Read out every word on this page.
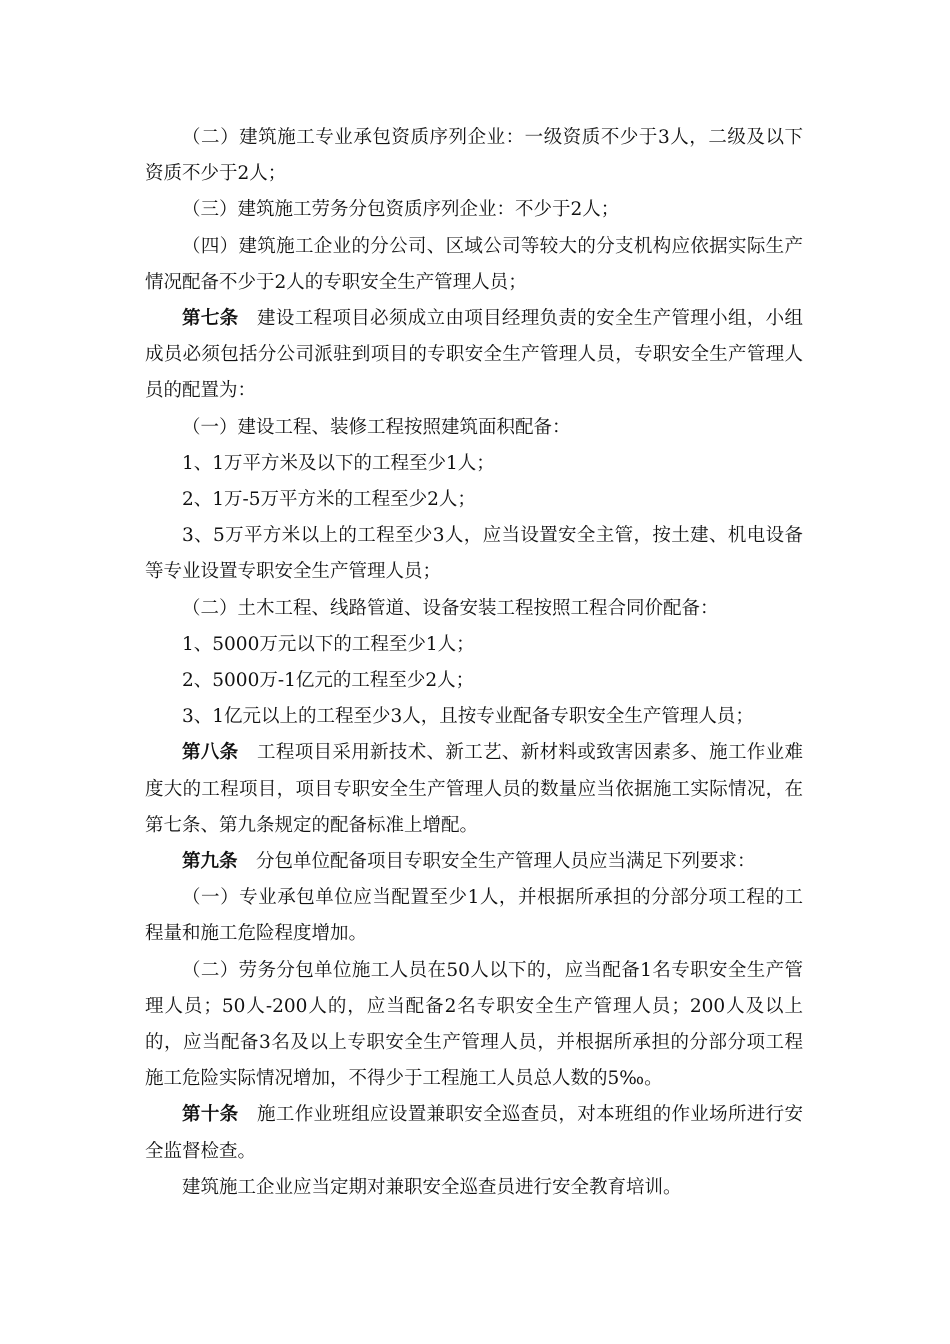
（二）建筑施工专业承包资质序列企业：一级资质不少于3人，二级及以下资质不少于2人；

（三）建筑施工劳务分包资质序列企业：不少于2人；

（四）建筑施工企业的分公司、区域公司等较大的分支机构应依据实际生产情况配备不少于2人的专职安全生产管理人员；

第七条 建设工程项目必须成立由项目经理负责的安全生产管理小组，小组成员必须包括分公司派驻到项目的专职安全生产管理人员，专职安全生产管理人员的配置为：

（一）建设工程、装修工程按照建筑面积配备：

1、1万平方米及以下的工程至少1人；

2、1万-5万平方米的工程至少2人；

3、5万平方米以上的工程至少3人，应当设置安全主管，按土建、机电设备等专业设置专职安全生产管理人员；

（二）土木工程、线路管道、设备安装工程按照工程合同价配备：

1、5000万元以下的工程至少1人；

2、5000万-1亿元的工程至少2人；

3、1亿元以上的工程至少3人，且按专业配备专职安全生产管理人员；

第八条 工程项目采用新技术、新工艺、新材料或致害因素多、施工作业难度大的工程项目，项目专职安全生产管理人员的数量应当依据施工实际情况，在第七条、第九条规定的配备标准上增配。

第九条 分包单位配备项目专职安全生产管理人员应当满足下列要求：

（一）专业承包单位应当配置至少1人，并根据所承担的分部分项工程的工程量和施工危险程度增加。

（二）劳务分包单位施工人员在50人以下的，应当配备1名专职安全生产管理人员；50人-200人的，应当配备2名专职安全生产管理人员；200人及以上的，应当配备3名及以上专职安全生产管理人员，并根据所承担的分部分项工程施工危险实际情况增加，不得少于工程施工人员总人数的5‰。

第十条 施工作业班组应设置兼职安全巡查员，对本班组的作业场所进行安全监督检查。

建筑施工企业应当定期对兼职安全巡查员进行安全教育培训。
